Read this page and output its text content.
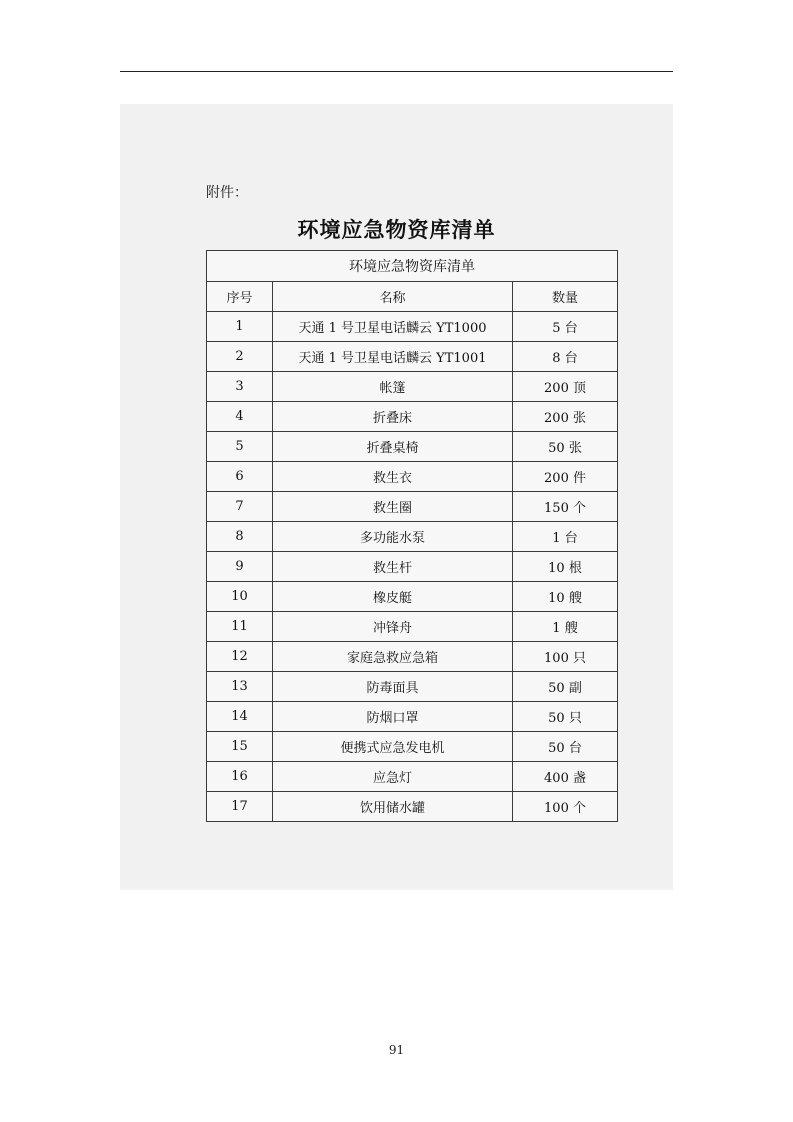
附件：
环境应急物资库清单
环境应急物资库清单		
序号	名称	数量
1	天通 1 号卫星电话麟云 YT1000	5 台
2	天通 1 号卫星电话麟云 YT1001	8 台
3	帐篷	200 顶
4	折叠床	200 张
5	折叠桌椅	50 张
6	救生衣	200 件
7	救生圈	150 个
8	多功能水泵	1 台
9	救生杆	10 根
10	橡皮艇	10 艘
11	冲锋舟	1 艘
12	家庭急救应急箱	100 只
13	防毒面具	50 副
14	防烟口罩	50 只
15	便携式应急发电机	50 台
16	应急灯	400 盏
17	饮用储水罐	100 个
91
